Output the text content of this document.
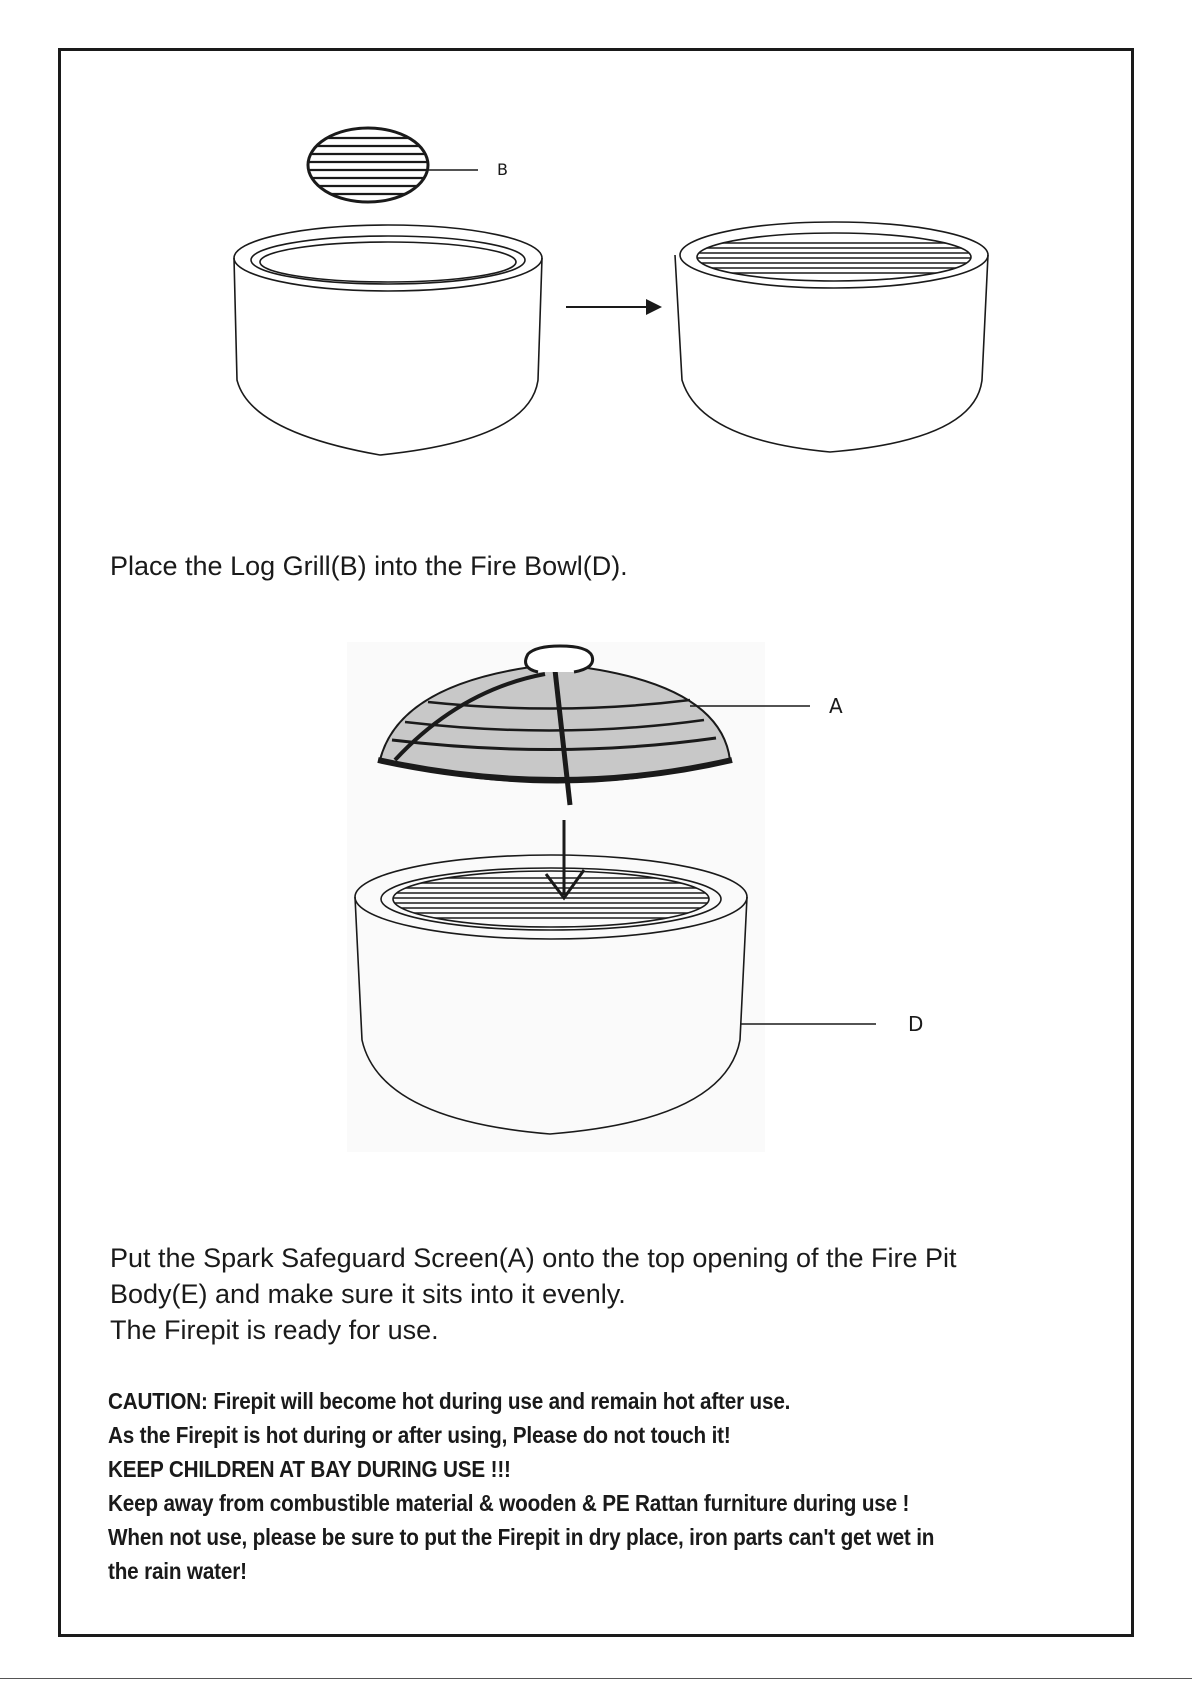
B
Place the Log Grill(B) into the Fire Bowl(D).
A
D
Put the Spark Safeguard Screen(A) onto the top opening of the Fire Pit
Body(E) and make sure it sits into it evenly.
The Firepit is ready for use.
CAUTION: Firepit will become hot during use and remain hot after use.
As the Firepit is hot during or after using, Please do not touch it!
KEEP CHILDREN AT BAY DURING USE !!!
Keep away from combustible material & wooden & PE Rattan furniture during use !
When not use, please be sure to put the Firepit in dry place, iron parts can't get wet in
the rain water!
